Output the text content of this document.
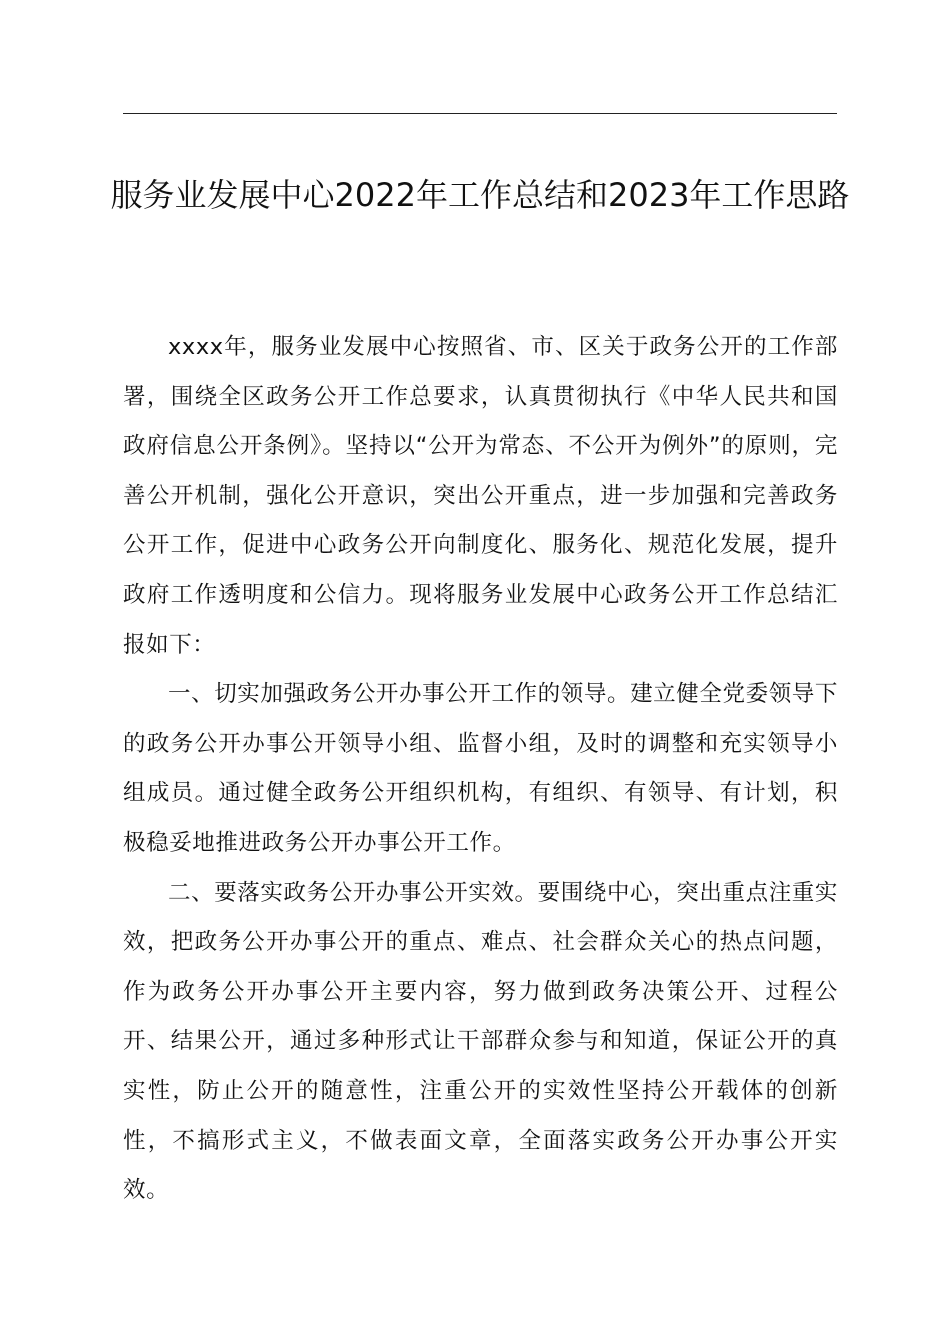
服务业发展中心2022年工作总结和2023年工作思路

xxxx年，服务业发展中心按照省、市、区关于政务公开的工作部署，围绕全区政务公开工作总要求，认真贯彻执行《中华人民共和国政府信息公开条例》。坚持以“公开为常态、不公开为例外”的原则，完善公开机制，强化公开意识，突出公开重点，进一步加强和完善政务公开工作，促进中心政务公开向制度化、服务化、规范化发展，提升政府工作透明度和公信力。现将服务业发展中心政务公开工作总结汇报如下：

一、切实加强政务公开办事公开工作的领导。建立健全党委领导下的政务公开办事公开领导小组、监督小组，及时的调整和充实领导小组成员。通过健全政务公开组织机构，有组织、有领导、有计划，积极稳妥地推进政务公开办事公开工作。

二、要落实政务公开办事公开实效。要围绕中心，突出重点注重实效，把政务公开办事公开的重点、难点、社会群众关心的热点问题，作为政务公开办事公开主要内容，努力做到政务决策公开、过程公开、结果公开，通过多种形式让干部群众参与和知道，保证公开的真实性，防止公开的随意性，注重公开的实效性坚持公开载体的创新性，不搞形式主义，不做表面文章，全面落实政务公开办事公开实效。
